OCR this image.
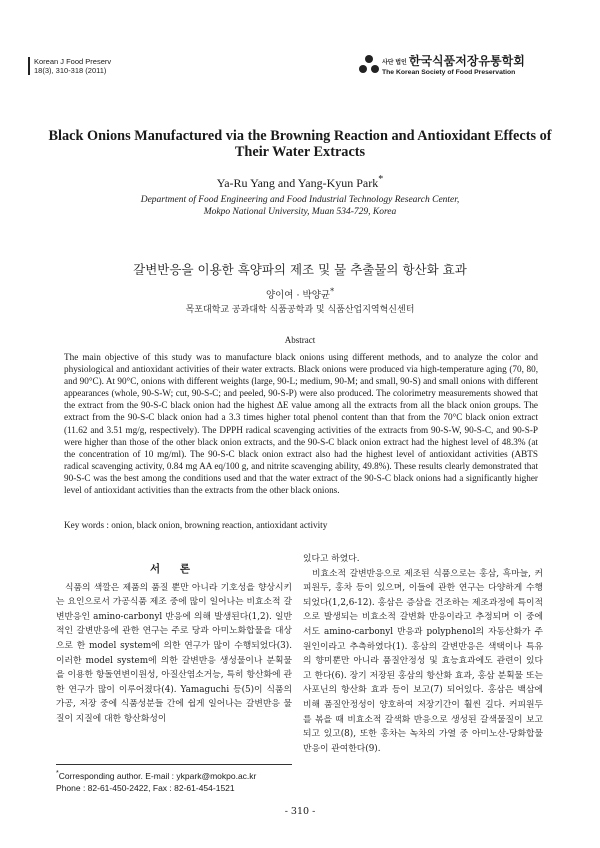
Korean J Food Preserv
18(3), 310-318 (2011)
사단 법인 한국식품저장유통학회
The Korean Society of Food Preservation
Black Onions Manufactured via the Browning Reaction and Antioxidant Effects of Their Water Extracts
Ya-Ru Yang and Yang-Kyun Park*
Department of Food Engineering and Food Industrial Technology Research Center,
Mokpo National University, Muan 534-729, Korea
갈변반응을 이용한 흑양파의 제조 및 물 추출물의 항산화 효과
양이여 · 박양균*
목포대학교 공과대학 식품공학과 및 식품산업지역혁신센터
Abstract

The main objective of this study was to manufacture black onions using different methods, and to analyze the color and physiological and antioxidant activities of their water extracts. Black onions were produced via high-temperature aging (70, 80, and 90°C). At 90°C, onions with different weights (large, 90-L; medium, 90-M; and small, 90-S) and small onions with different appearances (whole, 90-S-W; cut, 90-S-C; and peeled, 90-S-P) were also produced. The colorimetry measurements showed that the extract from the 90-S-C black onion had the highest ΔE value among all the extracts from all the black onion groups. The extract from the 90-S-C black onion had a 3.3 times higher total phenol content than that from the 70°C black onion extract (11.62 and 3.51 mg/g, respectively). The DPPH radical scavenging activities of the extracts from 90-S-W, 90-S-C, and 90-S-P were higher than those of the other black onion extracts, and the 90-S-C black onion extract had the highest level of 48.3% (at the concentration of 10 mg/ml). The 90-S-C black onion extract also had the highest level of antioxidant activities (ABTS radical scavenging activity, 0.84 mg AA eq/100 g, and nitrite scavenging ability, 49.8%). These results clearly demonstrated that 90-S-C was the best among the conditions used and that the water extract of the 90-S-C black onions had a significantly higher level of antioxidant activities than the extracts from the other black onions.

Key words : onion, black onion, browning reaction, antioxidant activity

서 론

식품의 색깔은 제품의 품질 뿐만 아니라 기호성을 향상시키는 요인으로서 가공식품 제조 중에 많이 일어나는 비효소적 갈변반응인 amino-carbonyl 반응에 의해 발생된다(1,2). 일반적인 갈변반응에 관한 연구는 주로 당과 아미노화합물을 대상으로 한 model system에 의한 연구가 많이 수행되었다(3). 이러한 model system에 의한 갈변반응 생성물이나 분획물을 이용한 항돌연변이원성, 아질산염소거능, 특히 항산화에 관한 연구가 많이 이루어졌다(4). Yamaguchi 등(5)이 식품의 가공, 저장 중에 식품성분들 간에 쉽게 일어나는 갈변반응 물질이 지질에 대한 항산화성이

있다고 하였다.

비효소적 갈변반응으로 제조된 식품으로는 홍삼, 흑마늘, 커피원두, 홍차 등이 있으며, 이들에 관한 연구는 다양하게 수행되었다(1,2,6-12). 홍삼은 증삼을 건조하는 제조과정에 특이적으로 발생되는 비효소적 갈변화 반응이라고 추정되며 이 중에서도 amino-carbonyl 반응과 polyphenol의 자동산화가 주원인이라고 추측하였다(1). 홍삼의 갈변반응은 색택이나 특유의 향미뿐만 아니라 품질안정성 및 효능효과에도 관련이 있다고 한다(6). 장기 저장된 홍삼의 항산화 효과, 홍삼 분획물 또는 사포닌의 항산화 효과 등이 보고(7) 되어있다. 홍삼은 백삼에 비해 품질안정성이 양호하여 저장기간이 훨씬 길다. 커피원두를 볶을 때 비효소적 갈색화 반응으로 생성된 갈색물질이 보고되고 있고(8), 또한 홍차는 녹차의 가열 중 아미노산-당화합물반응이 관여한다(9).

*Corresponding author. E-mail : ykpark@mokpo.ac.kr
Phone : 82-61-450-2422, Fax : 82-61-454-1521
- 310 -
